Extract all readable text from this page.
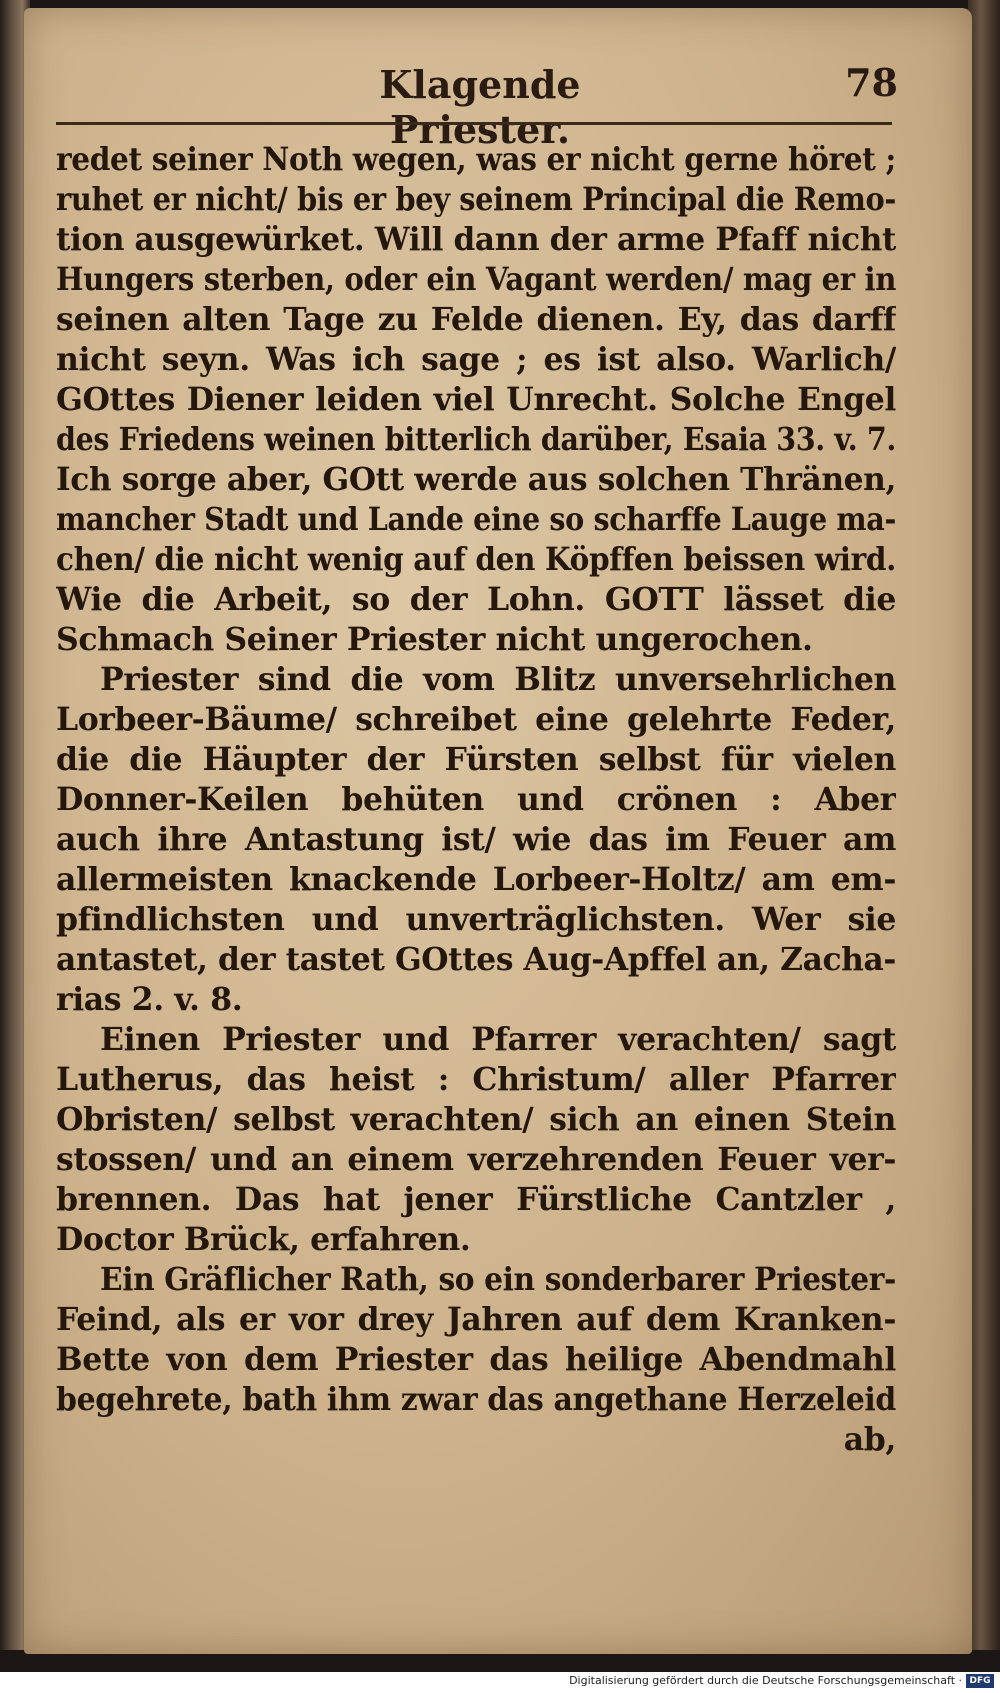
Klagende Priester.
78
redet seiner Noth wegen, was er nicht gerne höret ;
ruhet er nicht/ bis er bey seinem Principal die Remo-
tion ausgewürket. Will dann der arme Pfaff nicht
Hungers sterben, oder ein Vagant werden/ mag er in
seinen alten Tage zu Felde dienen. Ey, das darff
nicht seyn. Was ich sage ; es ist also. Warlich/
GOttes Diener leiden viel Unrecht. Solche Engel
des Friedens weinen bitterlich darüber, Esaia 33. v. 7.
Ich sorge aber, GOtt werde aus solchen Thränen,
mancher Stadt und Lande eine so scharffe Lauge ma-
chen/ die nicht wenig auf den Köpffen beissen wird.
Wie die Arbeit, so der Lohn. GOTT lässet die
Schmach Seiner Priester nicht ungerochen.
Priester sind die vom Blitz unversehrlichen
Lorbeer-Bäume/ schreibet eine gelehrte Feder,
die die Häupter der Fürsten selbst für vielen
Donner-Keilen behüten und crönen : Aber
auch ihre Antastung ist/ wie das im Feuer am
allermeisten knackende Lorbeer-Holtz/ am em-
pfindlichsten und unverträglichsten. Wer sie
antastet, der tastet GOttes Aug-Apffel an, Zacha-
rias 2. v. 8.
Einen Priester und Pfarrer verachten/ sagt
Lutherus, das heist : Christum/ aller Pfarrer
Obristen/ selbst verachten/ sich an einen Stein
stossen/ und an einem verzehrenden Feuer ver-
brennen. Das hat jener Fürstliche Cantzler ,
Doctor Brück, erfahren.
Ein Gräflicher Rath, so ein sonderbarer Priester-
Feind, als er vor drey Jahren auf dem Kranken-
Bette von dem Priester das heilige Abendmahl
begehrete, bath ihm zwar das angethane Herzeleid
ab,
Digitalisierung gefördert durch die Deutsche Forschungsgemeinschaft · DFG
